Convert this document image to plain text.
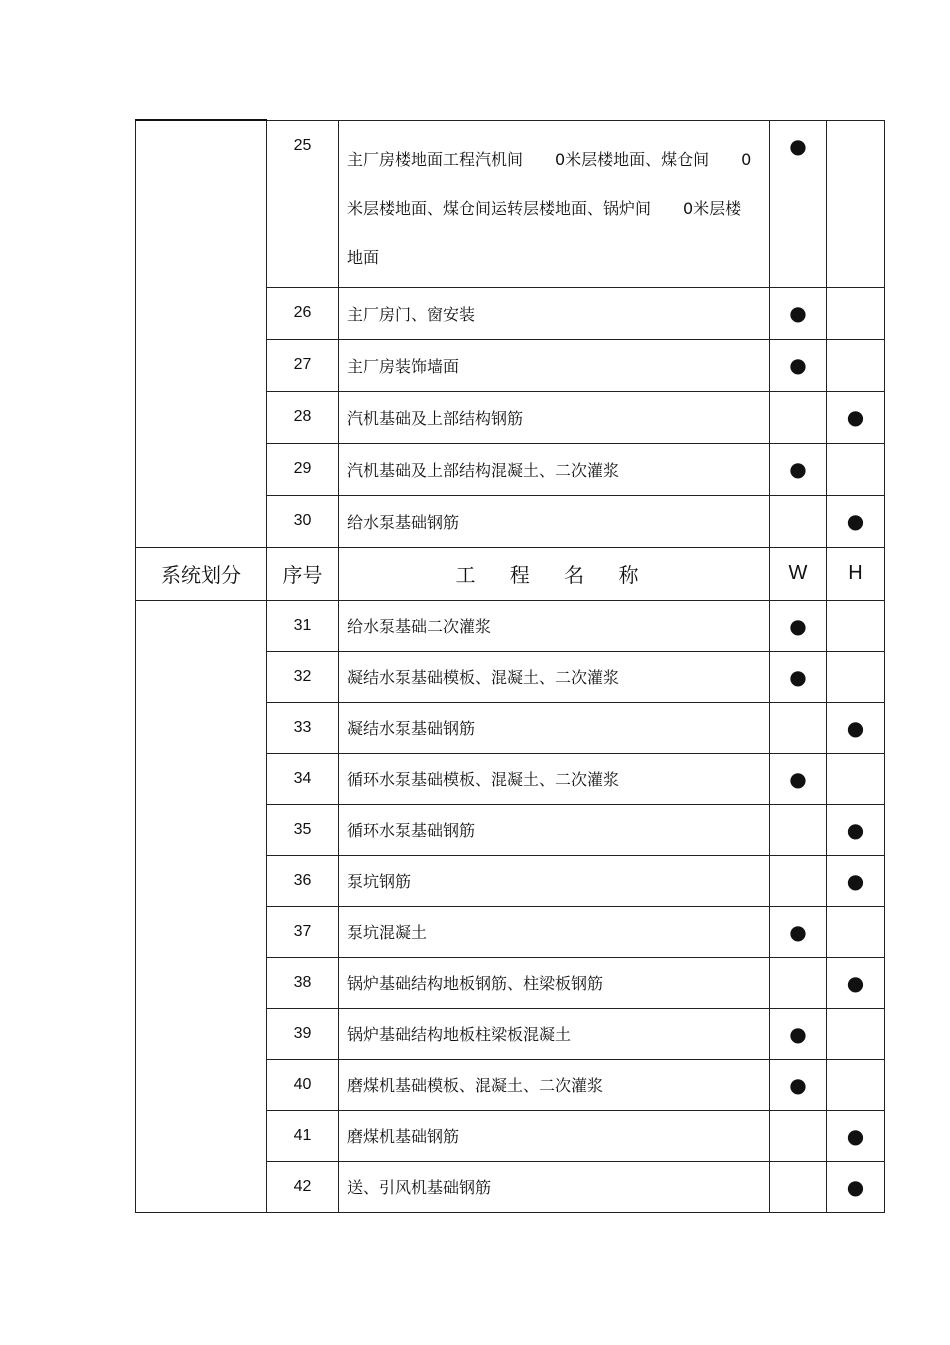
	25	主厂房楼地面工程汽机间　　0米层楼地面、煤仓间　　0米层楼地面、煤仓间运转层楼地面、锅炉间　　0米层楼地面	●	
	26	主厂房门、窗安装	●	
	27	主厂房装饰墙面	●	
	28	汽机基础及上部结构钢筋		●
	29	汽机基础及上部结构混凝土、二次灌浆	●	
	30	给水泵基础钢筋		●
系统划分	序号	工 程 名 称	W	H
	31	给水泵基础二次灌浆	●	
	32	凝结水泵基础模板、混凝土、二次灌浆	●	
	33	凝结水泵基础钢筋		●
	34	循环水泵基础模板、混凝土、二次灌浆	●	
	35	循环水泵基础钢筋		●
	36	泵坑钢筋		●
	37	泵坑混凝土	●	
	38	锅炉基础结构地板钢筋、柱梁板钢筋		●
	39	锅炉基础结构地板柱梁板混凝土	●	
	40	磨煤机基础模板、混凝土、二次灌浆	●	
	41	磨煤机基础钢筋		●
	42	送、引风机基础钢筋		●
